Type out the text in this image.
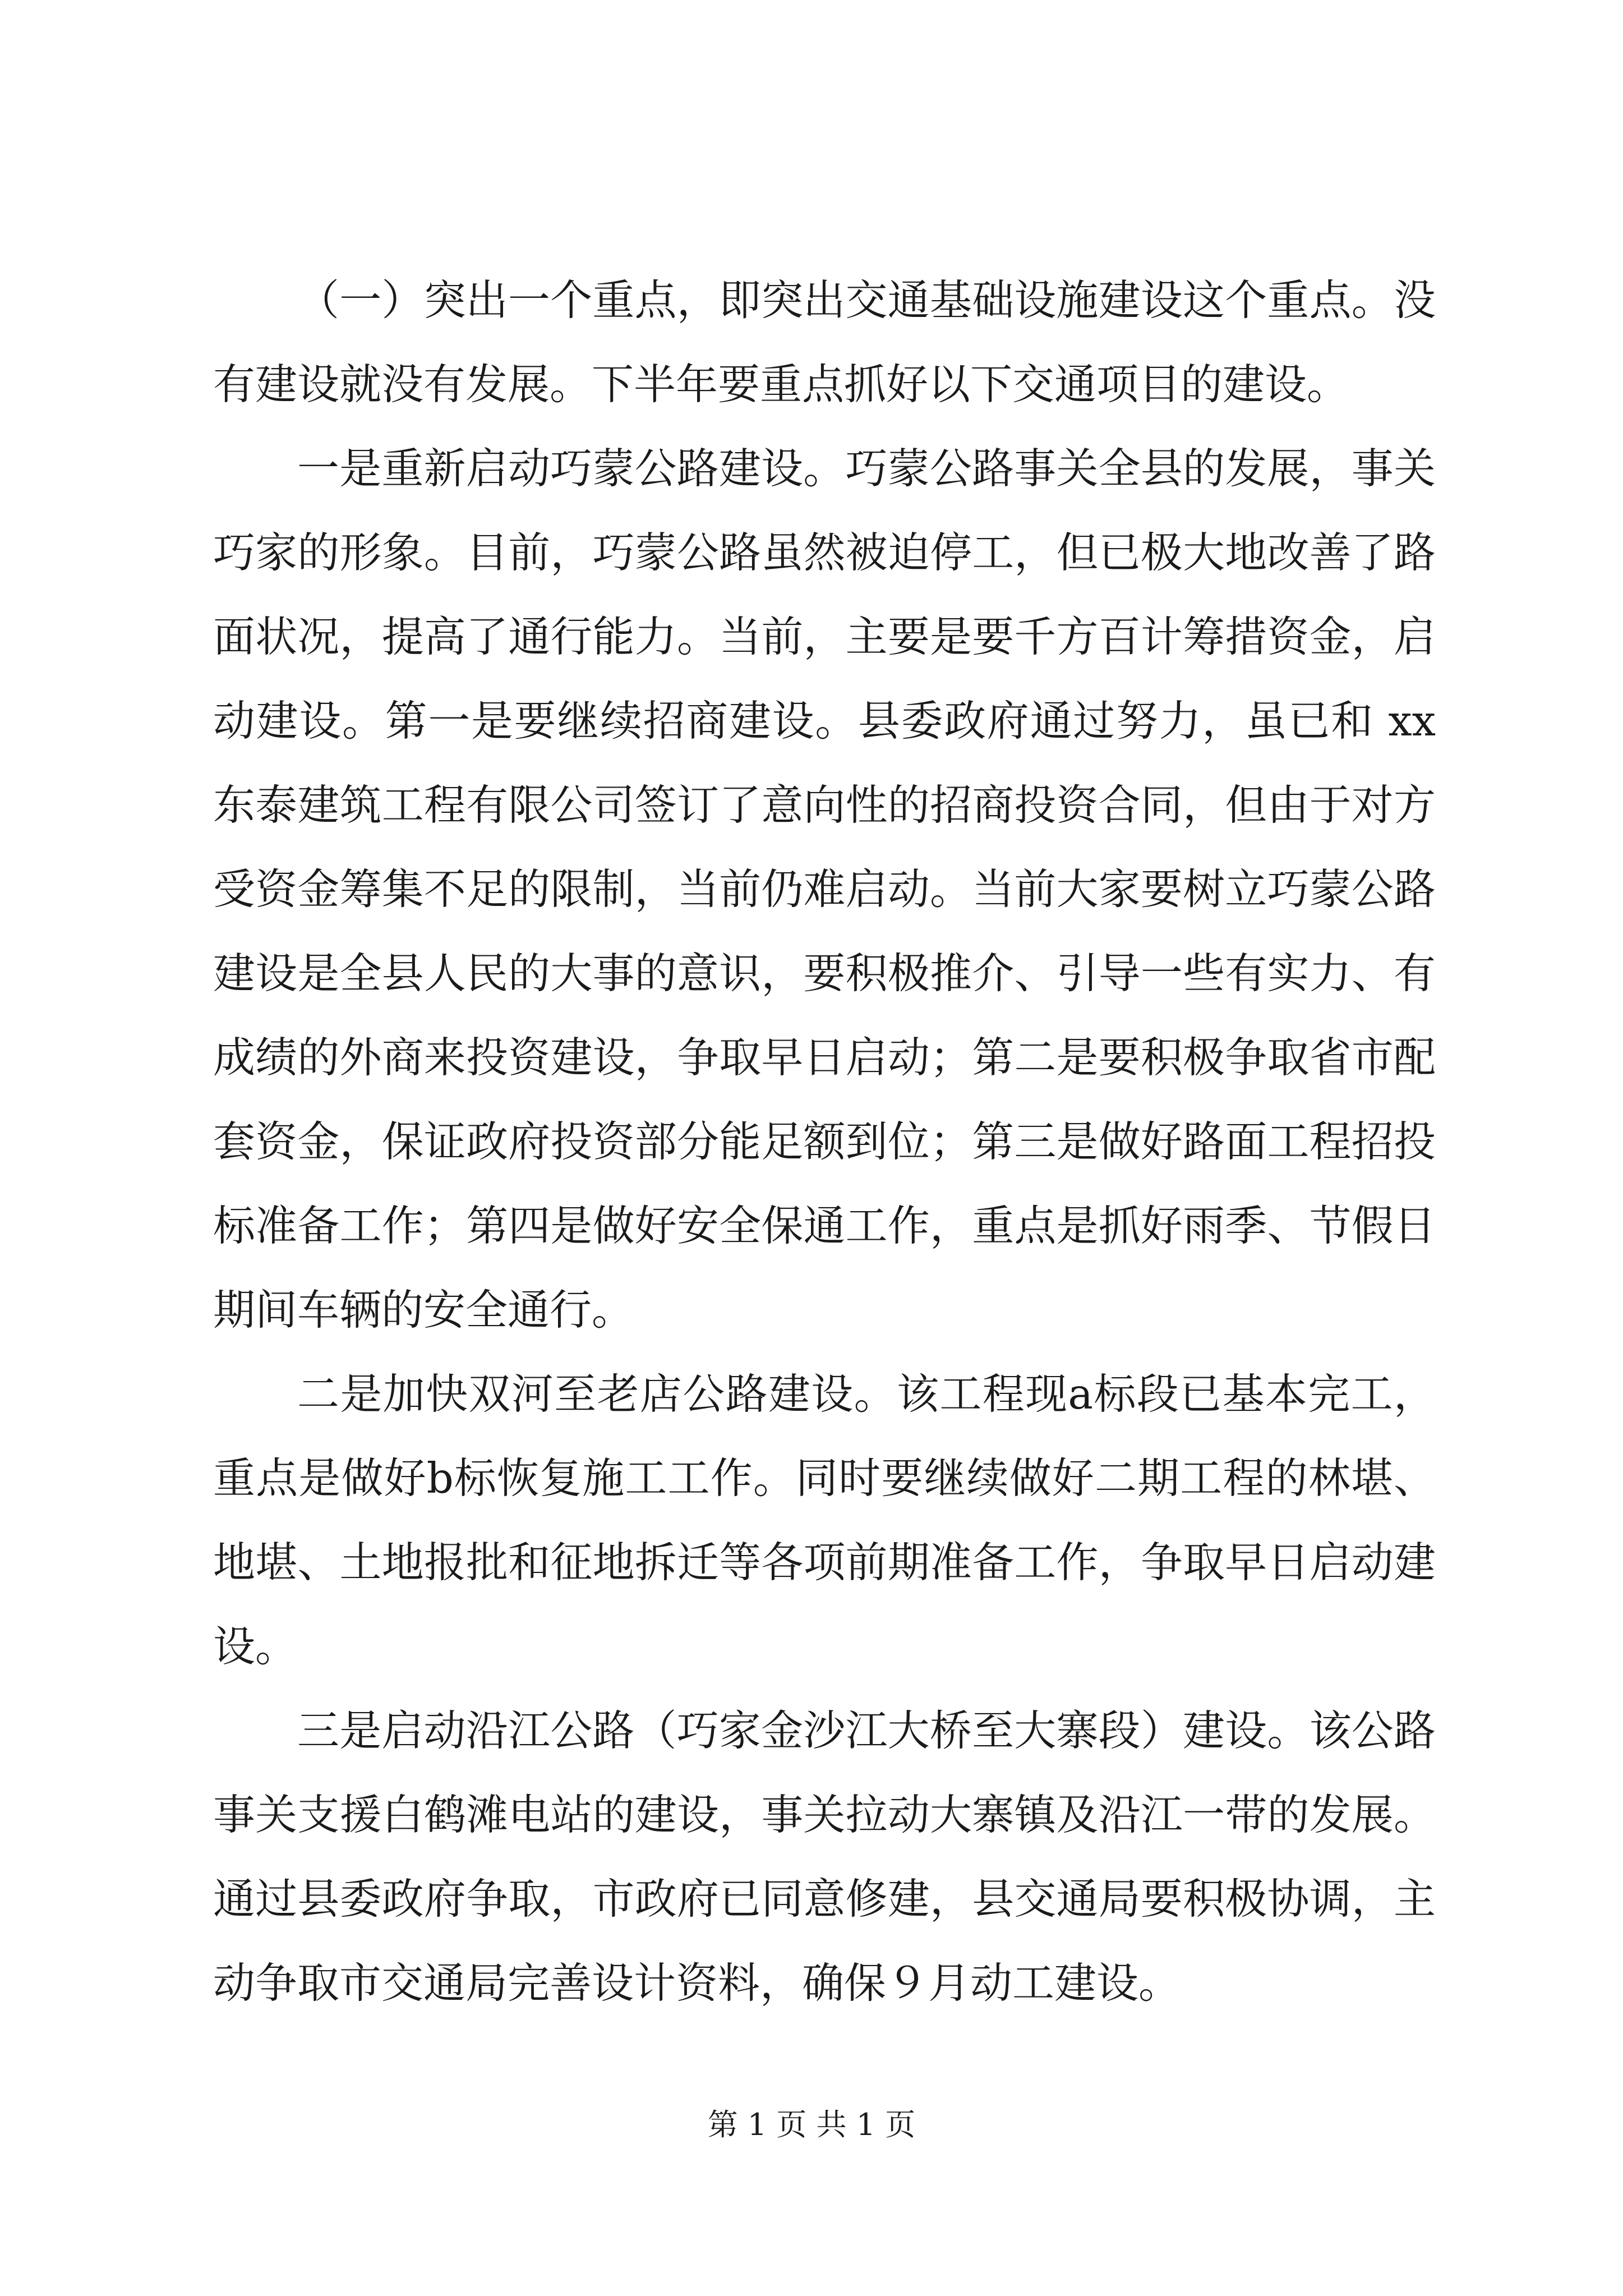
（一）突出一个重点，即突出交通基础设施建设这个重点。没有建设就没有发展。下半年要重点抓好以下交通项目的建设。

一是重新启动巧蒙公路建设。巧蒙公路事关全县的发展，事关巧家的形象。目前，巧蒙公路虽然被迫停工，但已极大地改善了路面状况，提高了通行能力。当前，主要是要千方百计筹措资金，启动建设。第一是要继续招商建设。县委政府通过努力，虽已和 xx 东泰建筑工程有限公司签订了意向性的招商投资合同，但由于对方受资金筹集不足的限制，当前仍难启动。当前大家要树立巧蒙公路建设是全县人民的大事的意识，要积极推介、引导一些有实力、有成绩的外商来投资建设，争取早日启动；第二是要积极争取省市配套资金，保证政府投资部分能足额到位；第三是做好路面工程招投标准备工作；第四是做好安全保通工作，重点是抓好雨季、节假日期间车辆的安全通行。

二是加快双河至老店公路建设。该工程现a标段已基本完工，重点是做好b标恢复施工工作。同时要继续做好二期工程的林堪、地堪、土地报批和征地拆迁等各项前期准备工作，争取早日启动建设。

三是启动沿江公路（巧家金沙江大桥至大寨段）建设。该公路事关支援白鹤滩电站的建设，事关拉动大寨镇及沿江一带的发展。通过县委政府争取，市政府已同意修建，县交通局要积极协调，主动争取市交通局完善设计资料，确保９月动工建设。

第 1 页 共 1 页
